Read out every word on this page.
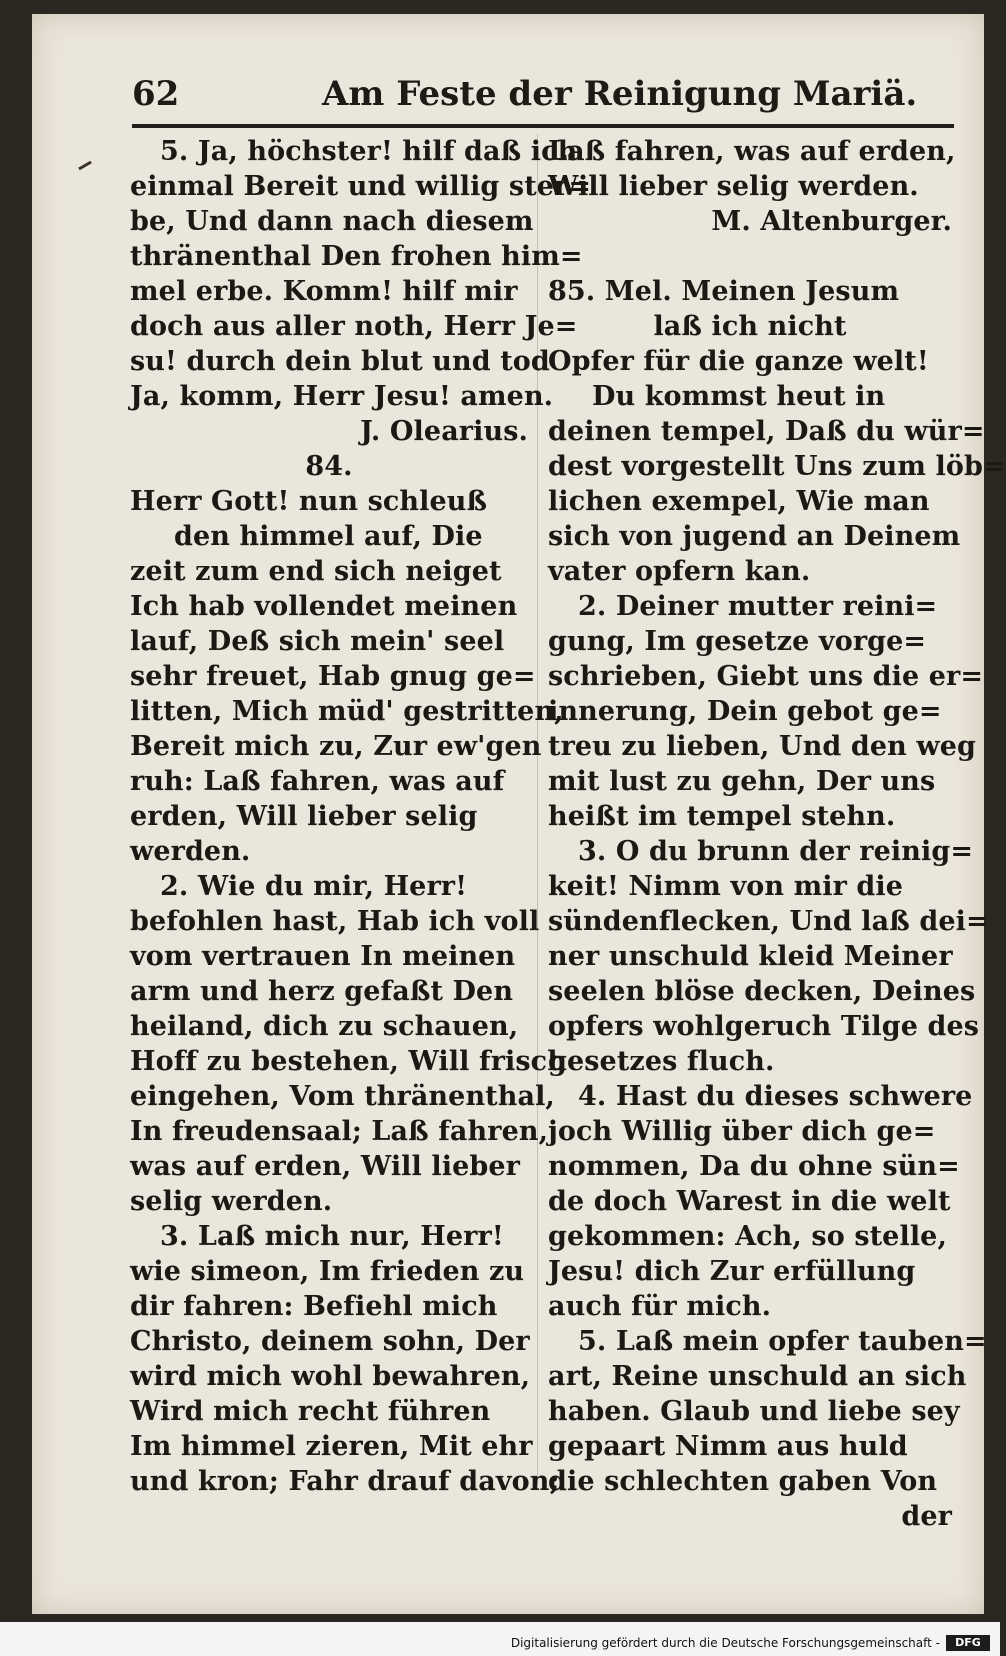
62	Am Feste der Reinigung Mariä.
5. Ja, höchster! hilf daß ich
einmal Bereit und willig ster=
be, Und dann nach diesem
thränenthal Den frohen him=
mel erbe. Komm! hilf mir
doch aus aller noth, Herr Je=
su! durch dein blut und tod
Ja, komm, Herr Jesu! amen.
J. Olearius.
84.
Herr Gott! nun schleuß
den himmel auf, Die
zeit zum end sich neiget
Ich hab vollendet meinen
lauf, Deß sich mein' seel
sehr freuet, Hab gnug ge=
litten, Mich müd' gestritten,
Bereit mich zu, Zur ew'gen
ruh: Laß fahren, was auf
erden, Will lieber selig
werden.
2. Wie du mir, Herr!
befohlen hast, Hab ich voll
vom vertrauen In meinen
arm und herz gefaßt Den
heiland, dich zu schauen,
Hoff zu bestehen, Will frisch
eingehen, Vom thränenthal,
In freudensaal; Laß fahren,
was auf erden, Will lieber
selig werden.
3. Laß mich nur, Herr!
wie simeon, Im frieden zu
dir fahren: Befiehl mich
Christo, deinem sohn, Der
wird mich wohl bewahren,
Wird mich recht führen
Im himmel zieren, Mit ehr
und kron; Fahr drauf davon;
Laß fahren, was auf erden,
Will lieber selig werden.
M. Altenburger.
85. Mel. Meinen Jesum
laß ich nicht
Opfer für die ganze welt!
Du kommst heut in
deinen tempel, Daß du wür=
dest vorgestellt Uns zum löb=
lichen exempel, Wie man
sich von jugend an Deinem
vater opfern kan.
2. Deiner mutter reini=
gung, Im gesetze vorge=
schrieben, Giebt uns die er=
innerung, Dein gebot ge=
treu zu lieben, Und den weg
mit lust zu gehn, Der uns
heißt im tempel stehn.
3. O du brunn der reinig=
keit! Nimm von mir die
sündenflecken, Und laß dei=
ner unschuld kleid Meiner
seelen blöse decken, Deines
opfers wohlgeruch Tilge des
gesetzes fluch.
4. Hast du dieses schwere
joch Willig über dich ge=
nommen, Da du ohne sün=
de doch Warest in die welt
gekommen: Ach, so stelle,
Jesu! dich Zur erfüllung
auch für mich.
5. Laß mein opfer tauben=
art, Reine unschuld an sich
haben. Glaub und liebe sey
gepaart Nimm aus huld
die schlechten gaben Von
der
Digitalisierung gefördert durch die Deutsche Forschungsgemeinschaft -	DFG
